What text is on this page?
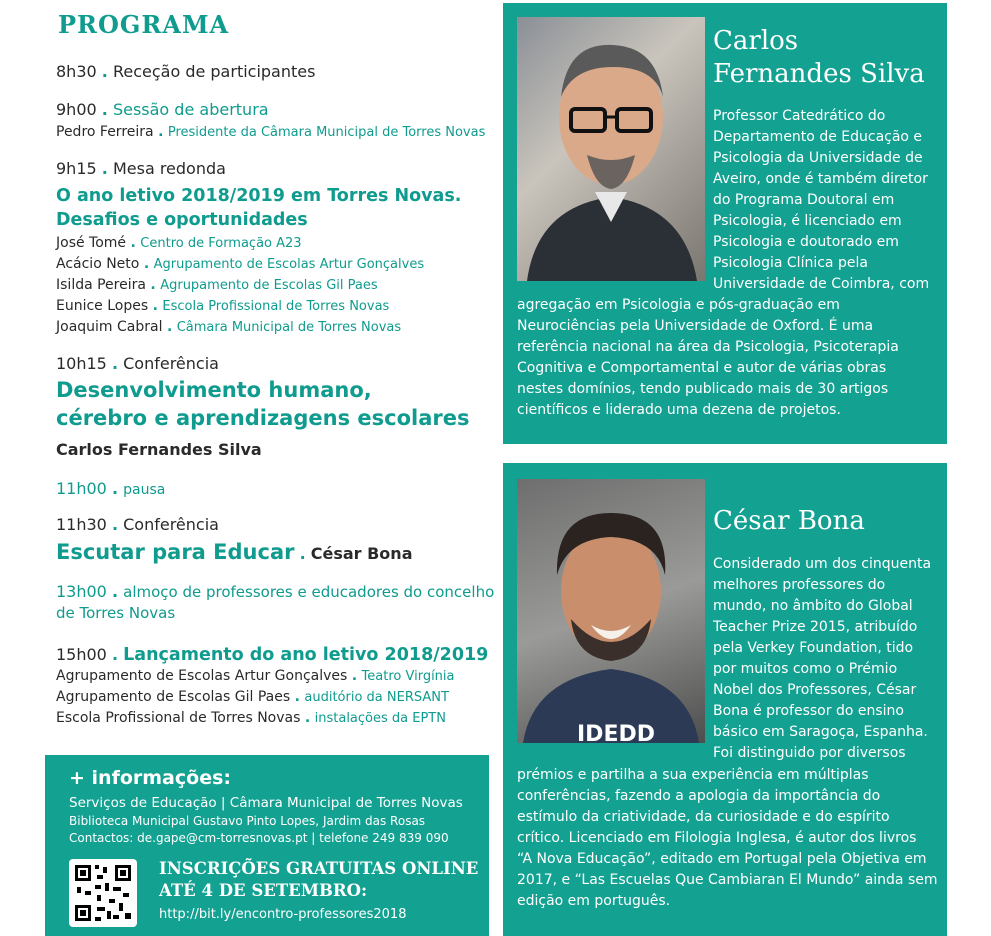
PROGRAMA
8h30 . Receção de participantes
9h00 . Sessão de abertura
Pedro Ferreira . Presidente da Câmara Municipal de Torres Novas
9h15 . Mesa redonda
O ano letivo 2018/2019 em Torres Novas.
Desafios e oportunidades
José Tomé . Centro de Formação A23
Acácio Neto . Agrupamento de Escolas Artur Gonçalves
Isilda Pereira . Agrupamento de Escolas Gil Paes
Eunice Lopes . Escola Profissional de Torres Novas
Joaquim Cabral . Câmara Municipal de Torres Novas
10h15 . Conferência
Desenvolvimento humano,
cérebro e aprendizagens escolares
Carlos Fernandes Silva
11h00 . pausa
11h30 . Conferência
Escutar para Educar . César Bona
13h00 . almoço de professores e educadores do concelho
de Torres Novas
15h00 . Lançamento do ano letivo 2018/2019
Agrupamento de Escolas Artur Gonçalves . Teatro Virgínia
Agrupamento de Escolas Gil Paes . auditório da NERSANT
Escola Profissional de Torres Novas . instalações da EPTN
+ informações:
Serviços de Educação | Câmara Municipal de Torres Novas
Biblioteca Municipal Gustavo Pinto Lopes, Jardim das Rosas
Contactos: de.gape@cm-torresnovas.pt | telefone 249 839 090
INSCRIÇÕES GRATUITAS ONLINE
ATÉ 4 DE SETEMBRO:
http://bit.ly/encontro-professores2018
Carlos
Fernandes Silva
Professor Catedrático do
Departamento de Educação e
Psicologia da Universidade de
Aveiro, onde é também diretor
do Programa Doutoral em
Psicologia, é licenciado em
Psicologia e doutorado em
Psicologia Clínica pela
Universidade de Coimbra, com
agregação em Psicologia e pós-graduação em
Neurociências pela Universidade de Oxford. É uma
referência nacional na área da Psicologia, Psicoterapia
Cognitiva e Comportamental e autor de várias obras
nestes domínios, tendo publicado mais de 30 artigos
científicos e liderado uma dezena de projetos.
IDEDD
César Bona
Considerado um dos cinquenta
melhores professores do
mundo, no âmbito do Global
Teacher Prize 2015, atribuído
pela Verkey Foundation, tido
por muitos como o Prémio
Nobel dos Professores, César
Bona é professor do ensino
básico em Saragoça, Espanha.
Foi distinguido por diversos
prémios e partilha a sua experiência em múltiplas
conferências, fazendo a apologia da importância do
estímulo da criatividade, da curiosidade e do espírito
crítico. Licenciado em Filologia Inglesa, é autor dos livros
“A Nova Educação”, editado em Portugal pela Objetiva em
2017, e “Las Escuelas Que Cambiaran El Mundo” ainda sem
edição em português.
